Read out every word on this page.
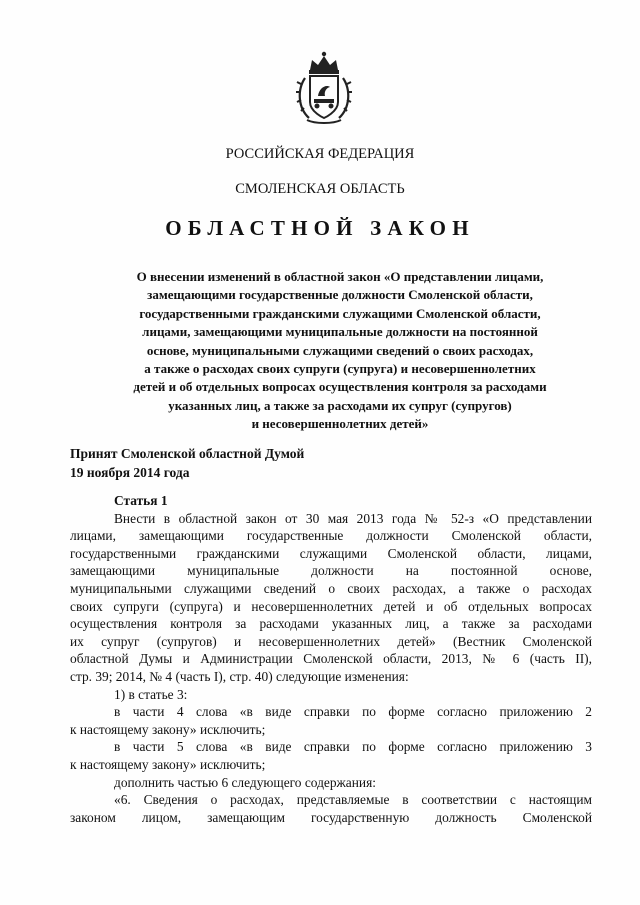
РОССИЙСКАЯ ФЕДЕРАЦИЯ
СМОЛЕНСКАЯ ОБЛАСТЬ
ОБЛАСТНОЙ ЗАКОН
О внесении изменений в областной закон «О представлении лицами,
замещающими государственные должности Смоленской области,
государственными гражданскими служащими Смоленской области,
лицами, замещающими муниципальные должности на постоянной
основе, муниципальными служащими сведений о своих расходах,
а также о расходах своих супруги (супруга) и несовершеннолетних
детей и об отдельных вопросах осуществления контроля за расходами
указанных лиц, а также за расходами их супруг (супругов)
и несовершеннолетних детей»
Принят Смоленской областной Думой
19 ноября 2014 года
Статья 1
Внести в областной закон от 30 мая 2013 года № 52-з «О представлении
лицами, замещающими государственные должности Смоленской области,
государственными гражданскими служащими Смоленской области, лицами,
замещающими муниципальные должности на постоянной основе,
муниципальными служащими сведений о своих расходах, а также о расходах
своих супруги (супруга) и несовершеннолетних детей и об отдельных вопросах
осуществления контроля за расходами указанных лиц, а также за расходами
их супруг (супругов) и несовершеннолетних детей» (Вестник Смоленской
областной Думы и Администрации Смоленской области, 2013, № 6 (часть II),
стр. 39; 2014, № 4 (часть I), стр. 40) следующие изменения:
1) в статье 3:
в части 4 слова «в виде справки по форме согласно приложению 2
к настоящему закону» исключить;
в части 5 слова «в виде справки по форме согласно приложению 3
к настоящему закону» исключить;
дополнить частью 6 следующего содержания:
«6. Сведения о расходах, представляемые в соответствии с настоящим
законом лицом, замещающим государственную должность Смоленской
